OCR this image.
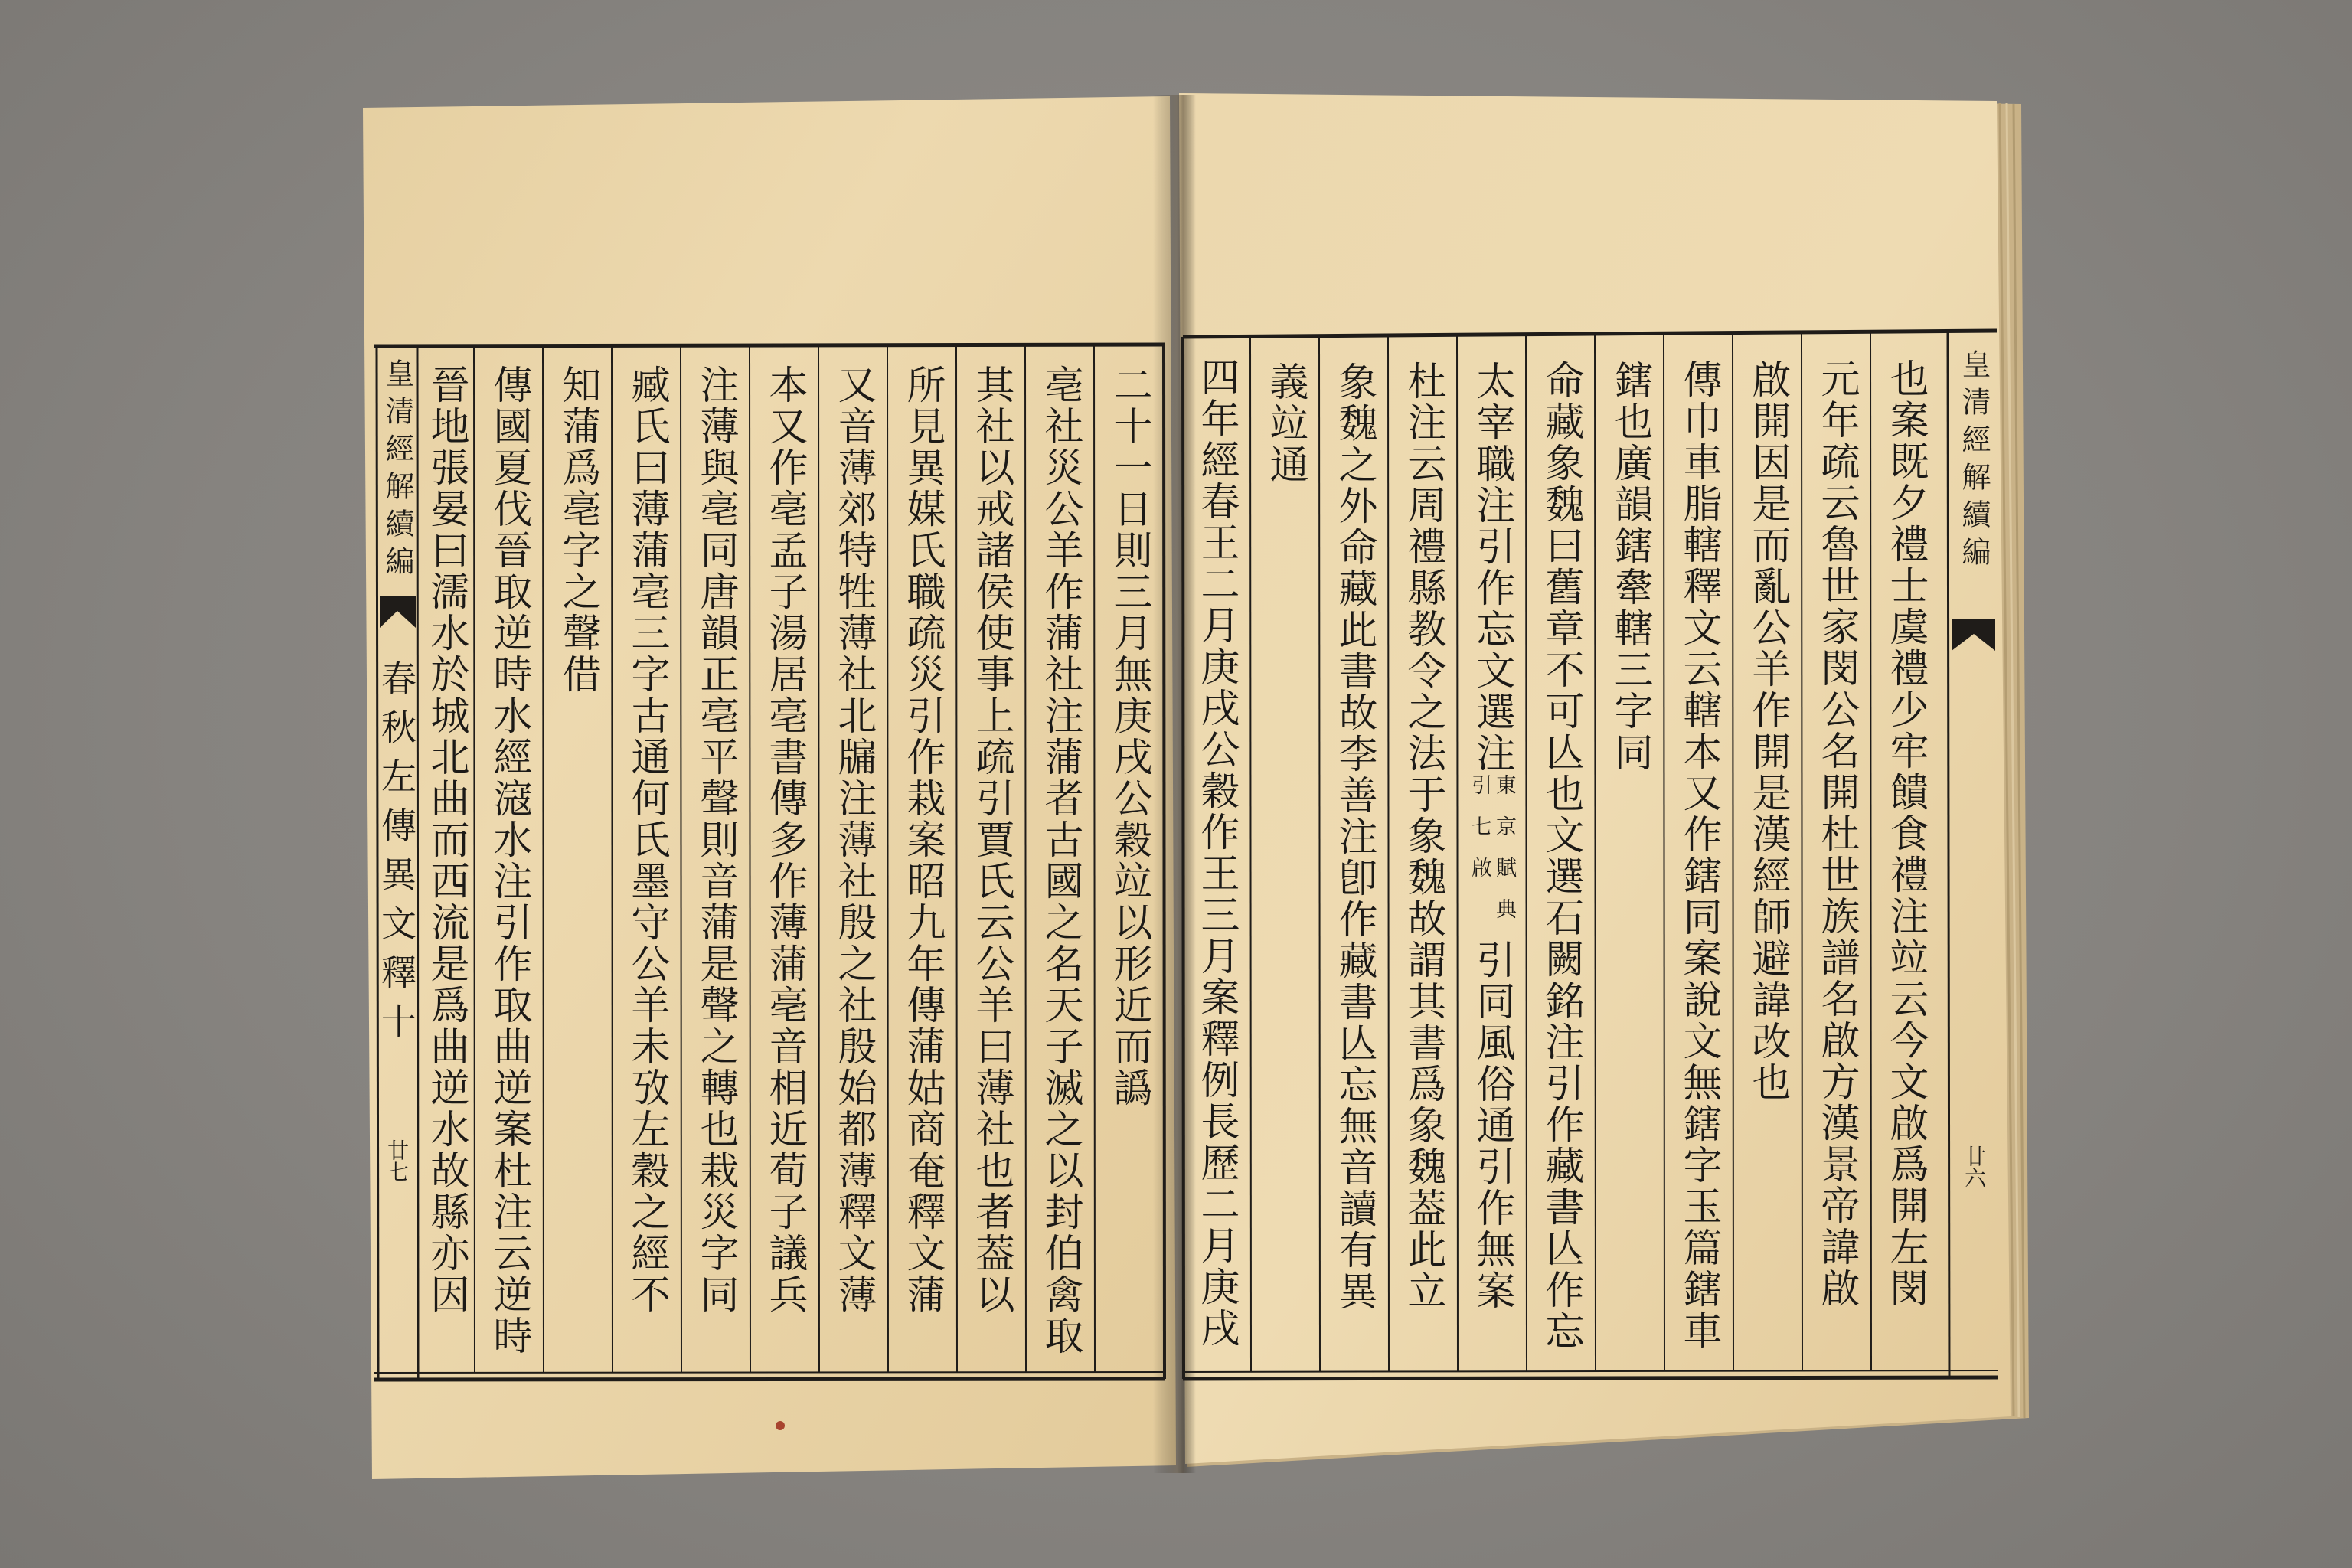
皇清經解續編
春秋左傳異文釋十
廿七
二十一日則三月無庚戌公穀竝以形近而譌
亳社災公羊作蒲社注蒲者古國之名天子滅之以封伯禽取
其社以戒諸侯使事上疏引賈氏云公羊曰薄社也者葢以
所見異媒氏職疏災引作栽案昭九年傳蒲姑商奄釋文蒲
又音薄郊特牲薄社北牖注薄社殷之社殷始都薄釋文薄
本又作亳孟子湯居亳書傳多作薄蒲亳音相近荀子議兵
注薄與亳同唐韻正亳平聲則音蒲是聲之轉也栽災字同
臧氏曰薄蒲亳三字古通何氏墨守公羊未攷左穀之經不
知蒲爲亳字之聲借
傳國夏伐晉取逆時水經滱水注引作取曲逆案杜注云逆時
晉地張晏曰濡水於城北曲而西流是爲曲逆水故縣亦因	也案既夕禮士虞禮少牢饋食禮注竝云今文啟爲開左閔
元年疏云魯世家閔公名開杜世族譜名啟方漢景帝諱啟
啟開因是而亂公羊作開是漢經師避諱改也
傳巾車脂轄釋文云轄本又作鎋同案說文無鎋字玉篇鎋車
鎋也廣韻鎋舝轄三字同
命藏象魏曰舊章不可亾也文選石闕銘注引作藏書亾作忘
太宰職注引作忘文選注
東京賦典
引七啟
引同風俗通引作無案
杜注云周禮縣教令之法于象魏故謂其書爲象魏葢此立
象魏之外命藏此書故李善注卽作藏書亾忘無音讀有異
義竝通
四年經春王二月庚戌公穀作王三月案釋例長歷二月庚戌	皇清經解續編
廿六
